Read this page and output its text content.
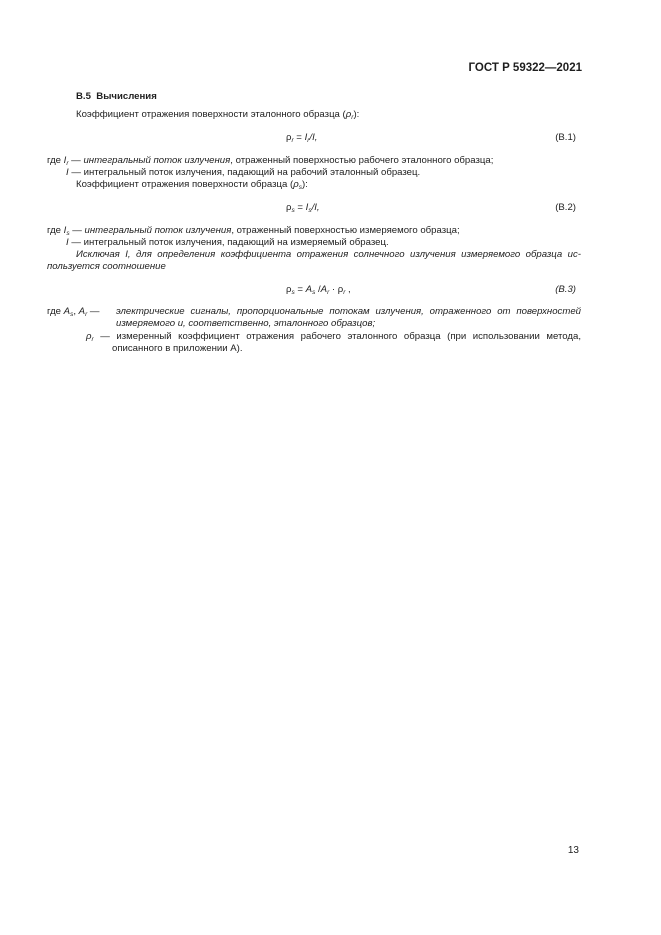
ГОСТ Р 59322—2021
В.5 Вычисления
Коэффициент отражения поверхности эталонного образца $(\rho_r)$:
$\rho_r = I_r/I$,	(В.1)
где $I_r$ — интегральный поток излучения, отраженный поверхностью рабочего эталонного образца;
I — интегральный поток излучения, падающий на рабочий эталонный образец.
Коэффициент отражения поверхности образца $(\rho_s)$:
$\rho_s = I_s/I$,	(В.2)
где $I_s$ — интегральный поток излучения, отраженный поверхностью измеряемого образца;
I — интегральный поток излучения, падающий на измеряемый образец.
Исключая I, для определения коэффициента отражения солнечного излучения измеряемого образца ис-
пользуется соотношение
$\rho_s = A_s$ $/A_r \cdot \rho_r$ ,	(В.3)
где $A_s$, $A_r$ — электрические сигналы, пропорциональные потокам излучения, отраженного от поверхностей
измеряемого и, соответственно, эталонного образцов;
$\rho_r$ — измеренный коэффициент отражения рабочего эталонного образца (при использовании метода,
описанного в приложении А).
13
